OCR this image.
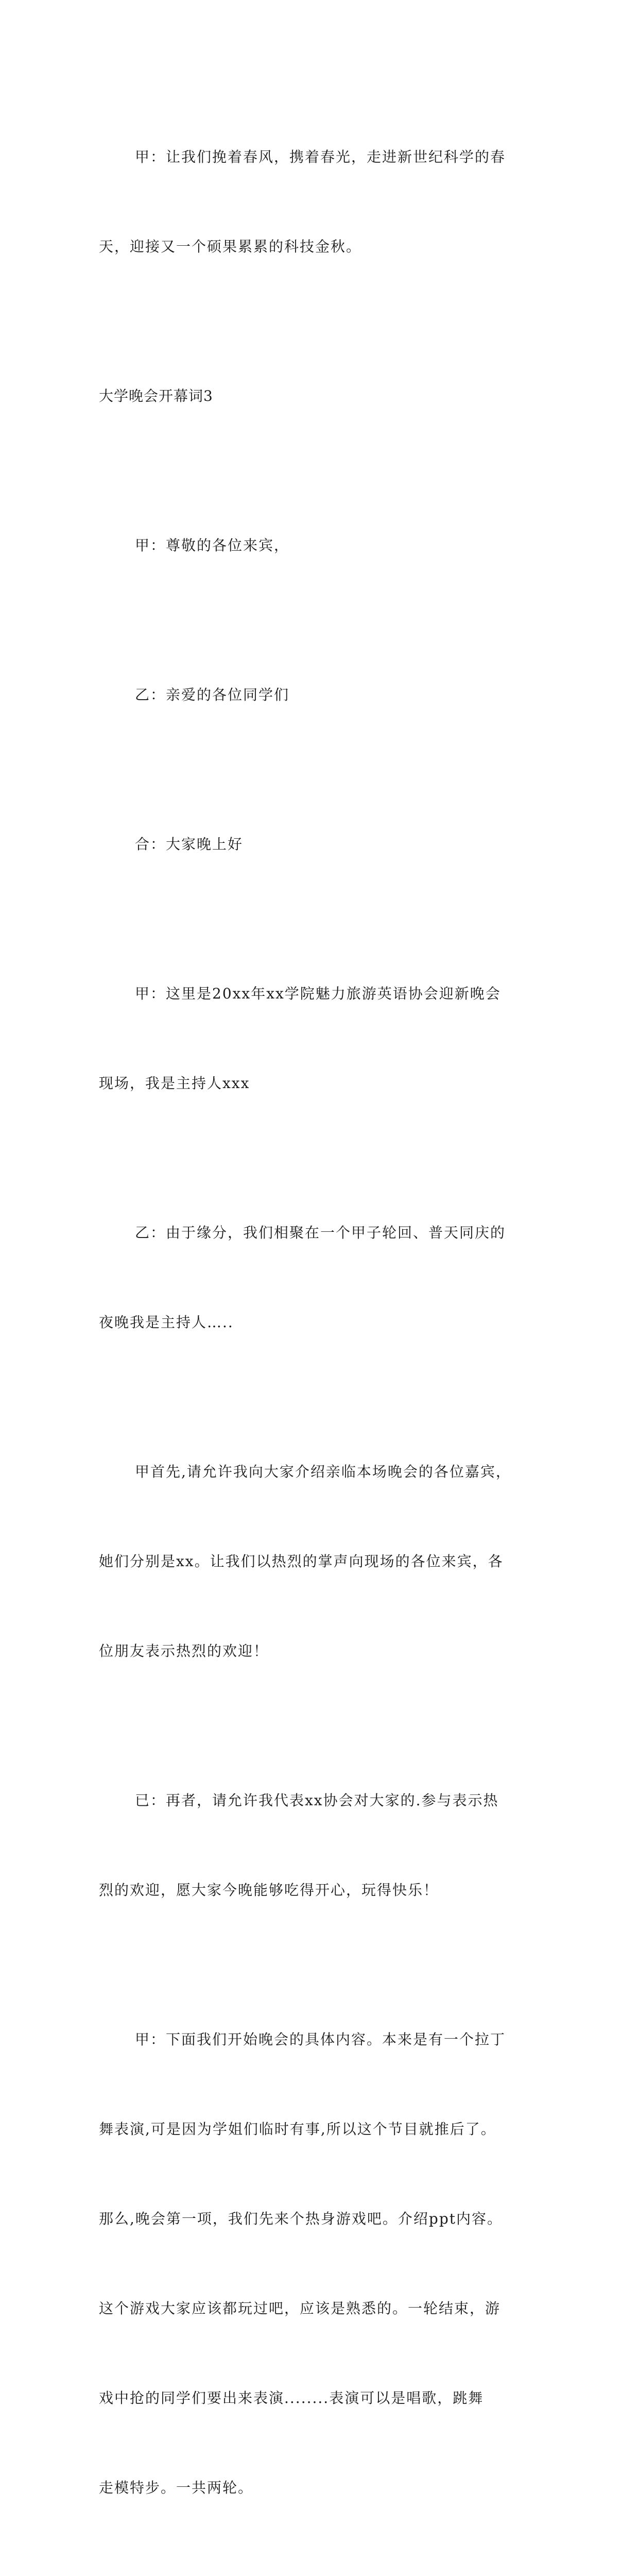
甲：让我们挽着春风，携着春光，走进新世纪科学的春

天，迎接又一个硕果累累的科技金秋。

大学晚会开幕词3

甲：尊敬的各位来宾，

乙：亲爱的各位同学们

合：大家晚上好

甲：这里是20xx年xx学院魅力旅游英语协会迎新晚会

现场，我是主持人xxx

乙：由于缘分，我们相聚在一个甲子轮回、普天同庆的

夜晚我是主持人…..

甲首先,请允许我向大家介绍亲临本场晚会的各位嘉宾，

她们分别是xx。让我们以热烈的掌声向现场的各位来宾，各

位朋友表示热烈的欢迎！

已：再者，请允许我代表xx协会对大家的.参与表示热

烈的欢迎，愿大家今晚能够吃得开心，玩得快乐！

甲：下面我们开始晚会的具体内容。本来是有一个拉丁

舞表演,可是因为学姐们临时有事,所以这个节目就推后了。

那么,晚会第一项，我们先来个热身游戏吧。介绍ppt内容。

这个游戏大家应该都玩过吧，应该是熟悉的。一轮结束，游

戏中抢的同学们要出来表演........表演可以是唱歌，跳舞

走模特步。一共两轮。
